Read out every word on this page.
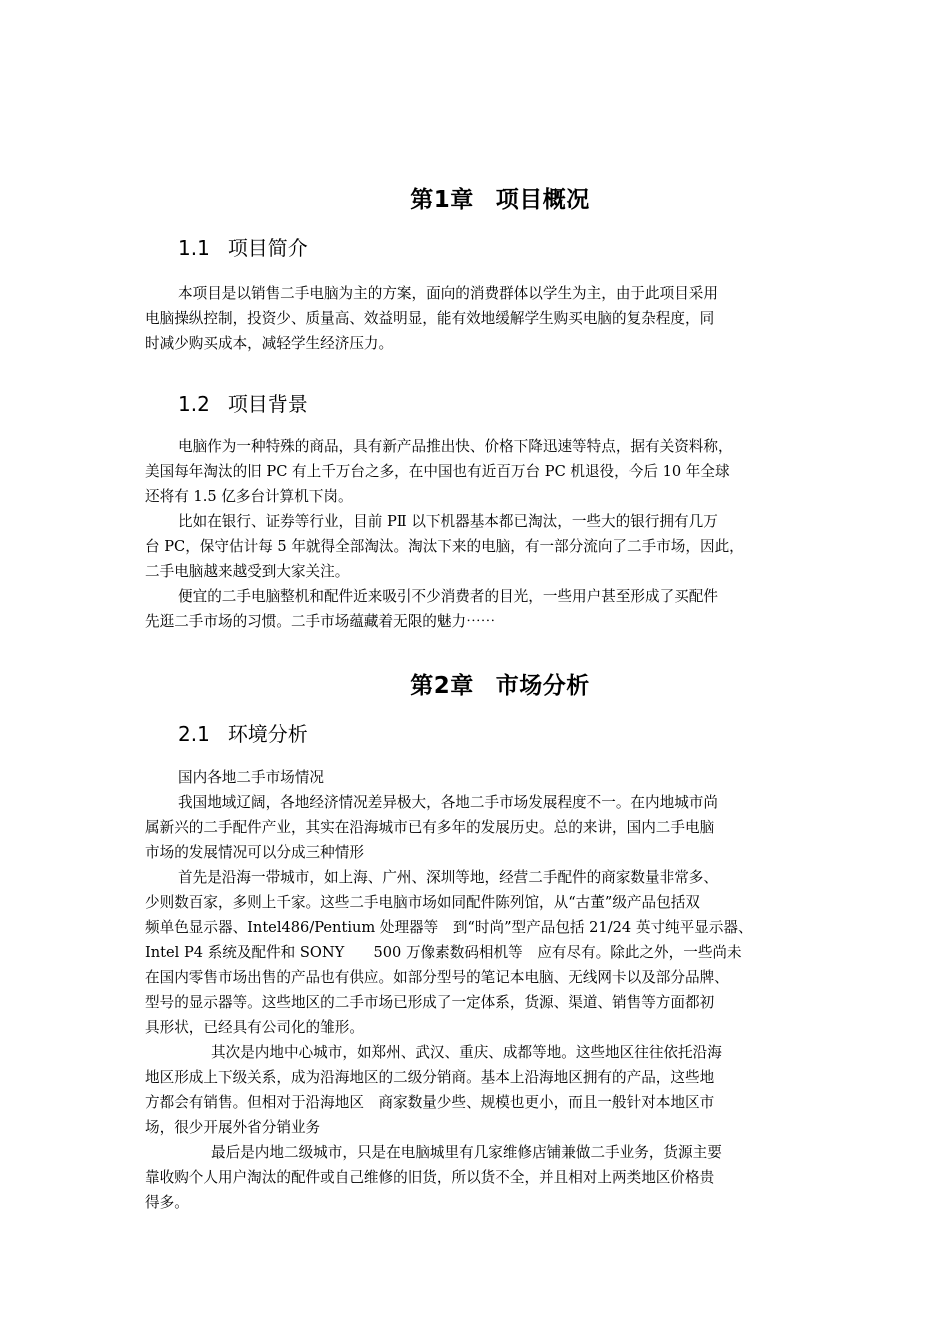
第1章 项目概况
1.1 项目简介
本项目是以销售二手电脑为主的方案，面向的消费群体以学生为主，由于此项目采用
电脑操纵控制，投资少、质量高、效益明显，能有效地缓解学生购买电脑的复杂程度，同
时减少购买成本，减轻学生经济压力。
1.2 项目背景
电脑作为一种特殊的商品，具有新产品推出快、价格下降迅速等特点，据有关资料称，
美国每年淘汰的旧 PC 有上千万台之多，在中国也有近百万台 PC 机退役，今后 10 年全球
还将有 1.5 亿多台计算机下岗。
比如在银行、证券等行业，目前 PⅡ 以下机器基本都已淘汰，一些大的银行拥有几万
台 PC，保守估计每 5 年就得全部淘汰。淘汰下来的电脑，有一部分流向了二手市场，因此，
二手电脑越来越受到大家关注。
便宜的二手电脑整机和配件近来吸引不少消费者的目光，一些用户甚至形成了买配件
先逛二手市场的习惯。二手市场蕴藏着无限的魅力⋯⋯
第2章 市场分析
2.1 环境分析
国内各地二手市场情况
我国地域辽阔，各地经济情况差异极大，各地二手市场发展程度不一。在内地城市尚
属新兴的二手配件产业，其实在沿海城市已有多年的发展历史。总的来讲，国内二手电脑
市场的发展情况可以分成三种情形
首先是沿海一带城市，如上海、广州、深圳等地，经营二手配件的商家数量非常多、
少则数百家，多则上千家。这些二手电脑市场如同配件陈列馆，从“古董”级产品包括双
频单色显示器、Intel486/Pentium 处理器等　到“时尚”型产品包括 21/24 英寸纯平显示器、
Intel P4 系统及配件和 SONY　　500 万像素数码相机等　应有尽有。除此之外，一些尚未
在国内零售市场出售的产品也有供应。如部分型号的笔记本电脑、无线网卡以及部分品牌、
型号的显示器等。这些地区的二手市场已形成了一定体系，货源、渠道、销售等方面都初
具形状，已经具有公司化的雏形。
其次是内地中心城市，如郑州、武汉、重庆、成都等地。这些地区往往依托沿海
地区形成上下级关系，成为沿海地区的二级分销商。基本上沿海地区拥有的产品，这些地
方都会有销售。但相对于沿海地区　商家数量少些、规模也更小，而且一般针对本地区市
场，很少开展外省分销业务
最后是内地二级城市，只是在电脑城里有几家维修店铺兼做二手业务，货源主要
靠收购个人用户淘汰的配件或自己维修的旧货，所以货不全，并且相对上两类地区价格贵
得多。
